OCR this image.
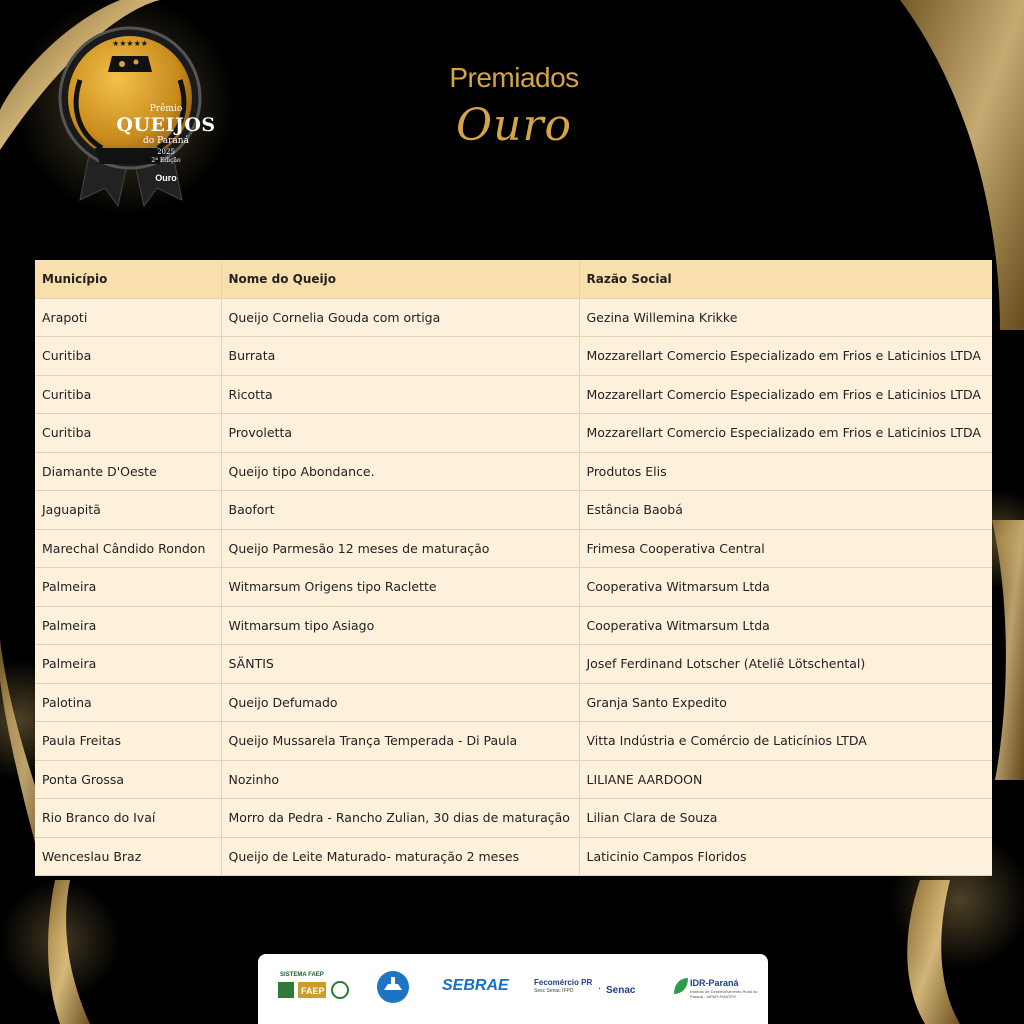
★★★★★
Prêmio
QUEIJOS
do Paraná
2025
2ª Edição
Ouro
Premiados
Ouro
Município	Nome do Queijo	Razão Social
Arapoti	Queijo Cornelia Gouda com ortiga	Gezina Willemina Krikke
Curitiba	Burrata	Mozzarellart Comercio Especializado em Frios e Laticinios LTDA
Curitiba	Ricotta	Mozzarellart Comercio Especializado em Frios e Laticinios LTDA
Curitiba	Provoletta	Mozzarellart Comercio Especializado em Frios e Laticinios LTDA
Diamante D'Oeste	Queijo tipo Abondance.	Produtos Elis
Jaguapitã	Baofort	Estância Baobá
Marechal Cândido Rondon	Queijo Parmesão 12 meses de maturação	Frimesa Cooperativa Central
Palmeira	Witmarsum Origens tipo Raclette	Cooperativa Witmarsum Ltda
Palmeira	Witmarsum tipo Asiago	Cooperativa Witmarsum Ltda
Palmeira	SÄNTIS	Josef Ferdinand Lotscher (Ateliê Lötschental)
Palotina	Queijo Defumado	Granja Santo Expedito
Paula Freitas	Queijo Mussarela Trança Temperada - Di Paula	Vitta Indústria e Comércio de Laticínios LTDA
Ponta Grossa	Nozinho	LILIANE AARDOON
Rio Branco do Ivaí	Morro da Pedra - Rancho Zulian, 30 dias de maturação	Lilian Clara de Souza
Wenceslau Braz	Queijo de Leite Maturado- maturação 2 meses	Laticinio Campos Floridos
SISTEMA FAEP
FAEP	SEBRAE	Fecomércio PR
Sesc Senac IFPD	· Senac
IDR-Paraná
Instituto de Desenvolvimento Rural do Paraná - IAPAR-EMATER
